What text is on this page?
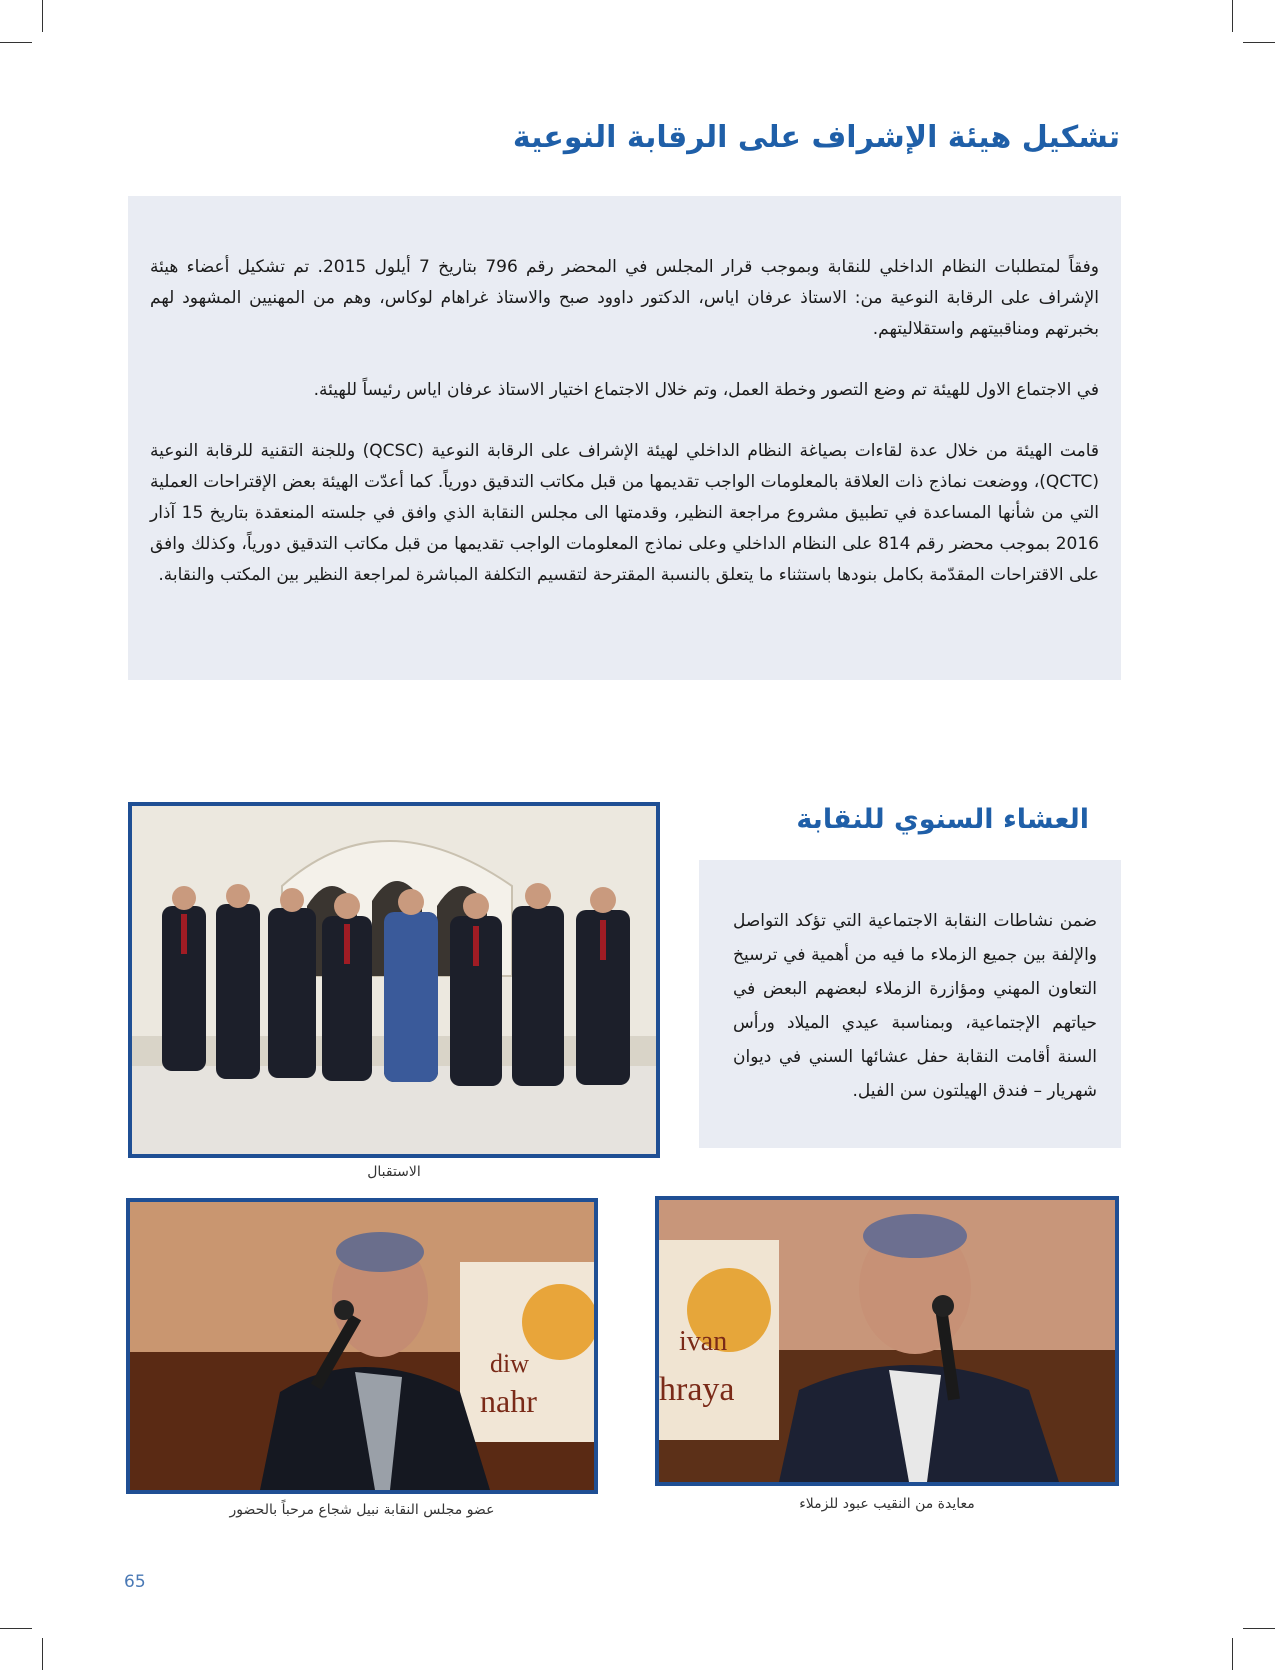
تشكيل هيئة الإشراف على الرقابة النوعية

وفقاً لمتطلبات النظام الداخلي للنقابة وبموجب قرار المجلس في المحضر رقم 796 بتاريخ 7 أيلول 2015. تم تشكيل أعضاء هيئة الإشراف على الرقابة النوعية من: الاستاذ عرفان اياس، الدكتور داوود صبح والاستاذ غراهام لوكاس، وهم من المهنيين المشهود لهم بخبرتهم ومناقبيتهم واستقلاليتهم.

في الاجتماع الاول للهيئة تم وضع التصور وخطة العمل، وتم خلال الاجتماع اختيار الاستاذ عرفان اياس رئيساً للهيئة.

قامت الهيئة من خلال عدة لقاءات بصياغة النظام الداخلي لهيئة الإشراف على الرقابة النوعية (QCSC) وللجنة التقنية للرقابة النوعية (QCTC)، ووضعت نماذج ذات العلاقة بالمعلومات الواجب تقديمها من قبل مكاتب التدقيق دورياً. كما أعدّت الهيئة بعض الإقتراحات العملية التي من شأنها المساعدة في تطبيق مشروع مراجعة النظير، وقدمتها الى مجلس النقابة الذي وافق في جلسته المنعقدة بتاريخ 15 آذار 2016 بموجب محضر رقم 814 على النظام الداخلي وعلى نماذج المعلومات الواجب تقديمها من قبل مكاتب التدقيق دورياً، وكذلك وافق على الاقتراحات المقدّمة بكامل بنودها باستثناء ما يتعلق بالنسبة المقترحة لتقسيم التكلفة المباشرة لمراجعة النظير بين المكتب والنقابة.

العشاء السنوي للنقابة

ضمن نشاطات النقابة الاجتماعية التي تؤكد التواصل والإلفة بين جميع الزملاء ما فيه من أهمية في ترسيخ التعاون المهني ومؤازرة الزملاء لبعضهم البعض في حياتهم الإجتماعية، وبمناسبة عيدي الميلاد ورأس السنة أقامت النقابة حفل عشائها السني في ديوان شهريار – فندق الهيلتون سن الفيل.

الاستقبال
diw
nahr
عضو مجلس النقابة نبيل شجاع مرحباً بالحضور
ivan
hraya
معايدة من النقيب عبود للزملاء
65
